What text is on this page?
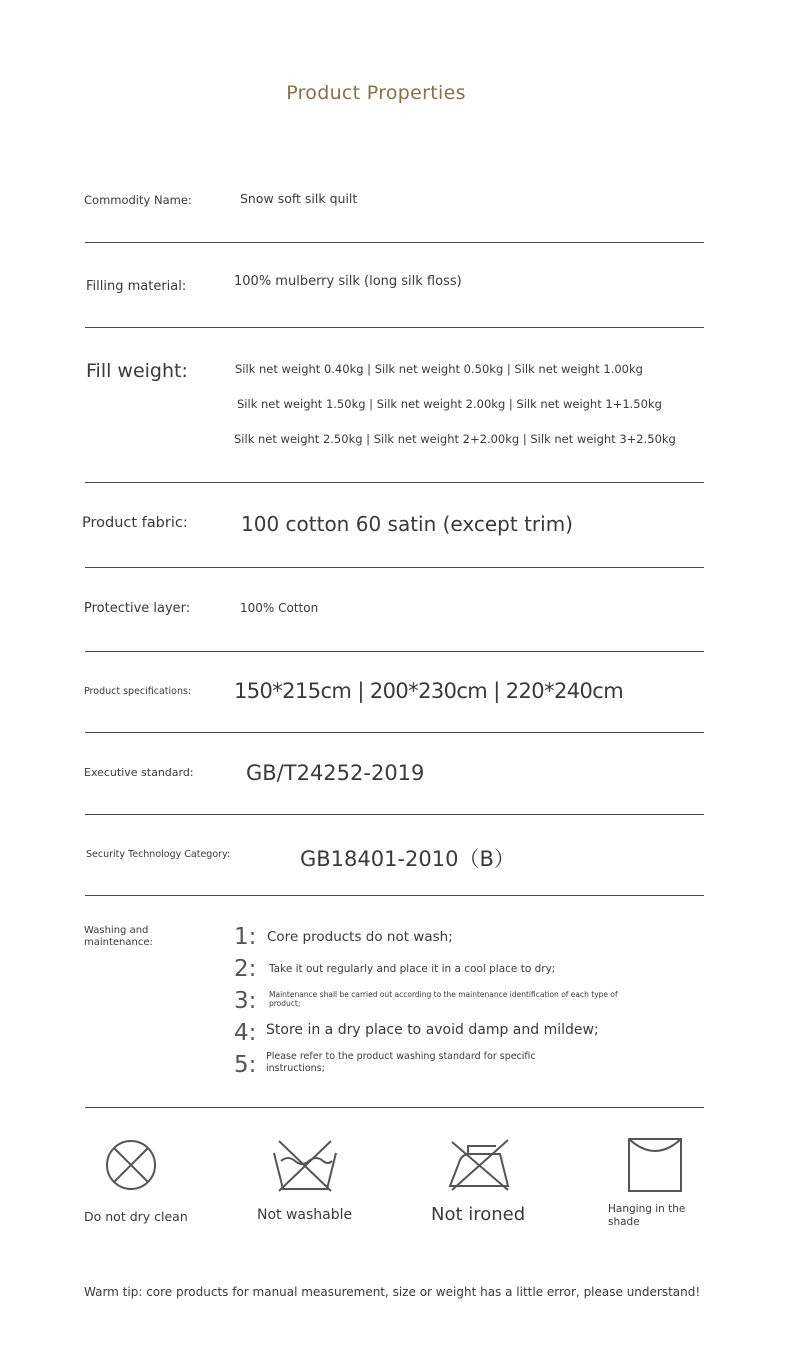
Product Properties
Commodity Name:	Snow soft silk quilt
Filling material:	100% mulberry silk (long silk floss)
Fill weight:	Silk net weight 0.40kg | Silk net weight 0.50kg | Silk net weight 1.00kg
Silk net weight 1.50kg | Silk net weight 2.00kg | Silk net weight 1+1.50kg
Silk net weight 2.50kg | Silk net weight 2+2.00kg | Silk net weight 3+2.50kg
Product fabric:	100 cotton 60 satin (except trim)
Protective layer:	100% Cotton
Product specifications: 150*215cm | 200*230cm | 220*240cm
Executive standard: GB/T24252-2019
Security Technology Category:	GB18401-2010（B）
Washing and maintenance:	1: Core products do not wash;
2: Take it out regularly and place it in a cool place to dry;
3: Maintenance shall be carried out according to the maintenance identification of each type of product;
4: Store in a dry place to avoid damp and mildew;
5: Please refer to the product washing standard for specific instructions;
Do not dry clean	Not washable	Not ironed	Hanging in the shade
Warm tip: core products for manual measurement, size or weight has a little error, please understand!
